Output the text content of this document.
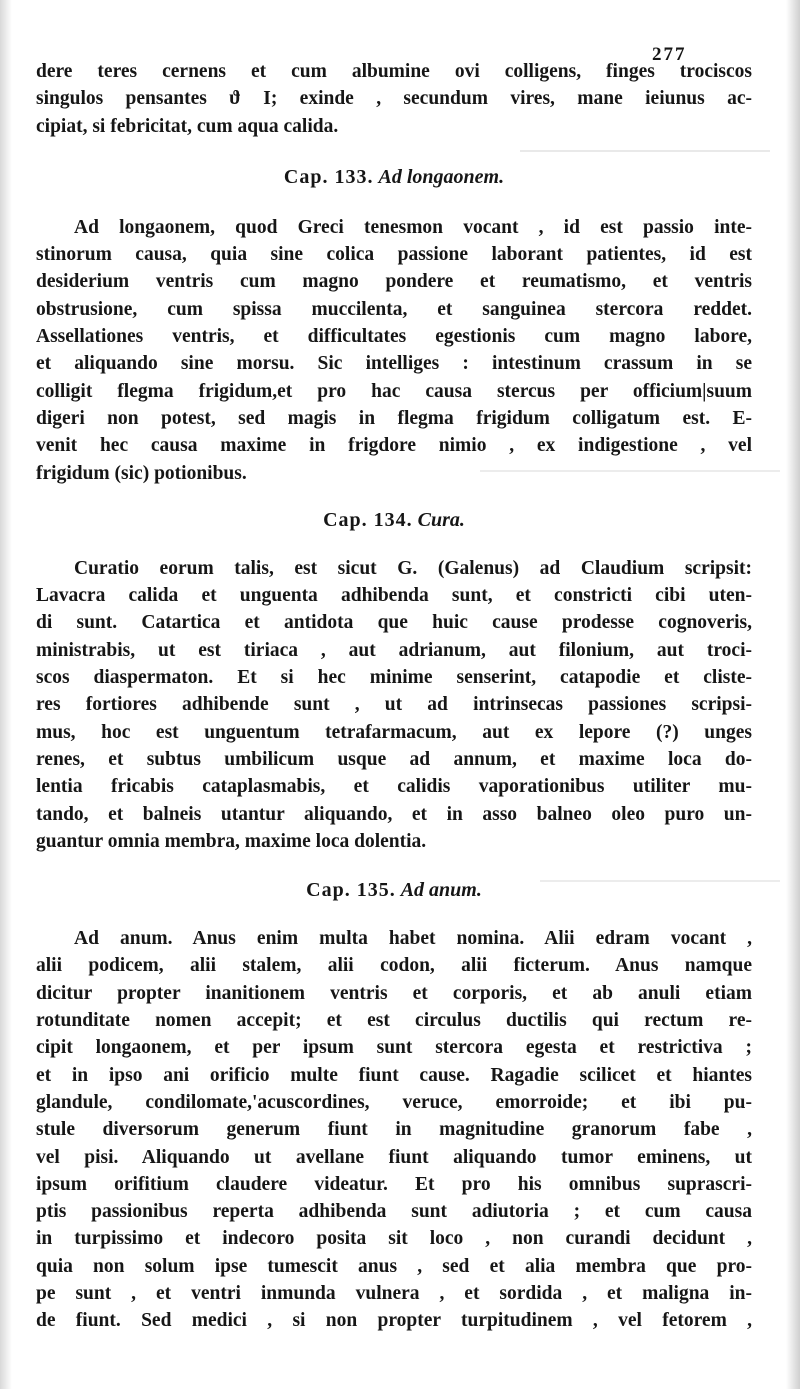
277
dere teres cernens et cum albumine ovi colligens, finges trociscos
singulos pensantes ϑ I; exinde , secundum vires, mane ieiunus ac-
cipiat, si febricitat, cum aqua calida.
Cap. 133. Ad longaonem.
Ad longaonem, quod Greci tenesmon vocant , id est passio inte-
stinorum causa, quia sine colica passione laborant patientes, id est
desiderium ventris cum magno pondere et reumatismo, et ventris
obstrusione, cum spissa muccilenta, et sanguinea stercora reddet.
Assellationes ventris, et difficultates egestionis cum magno labore,
et aliquando sine morsu. Sic intelliges : intestinum crassum in se
colligit flegma frigidum,et pro hac causa stercus per officium|suum
digeri non potest, sed magis in flegma frigidum colligatum est. E-
venit hec causa maxime in frigdore nimio , ex indigestione , vel
frigidum (sic) potionibus.
Cap. 134. Cura.
Curatio eorum talis, est sicut G. (Galenus) ad Claudium scripsit:
Lavacra calida et unguenta adhibenda sunt, et constricti cibi uten-
di sunt. Catartica et antidota que huic cause prodesse cognoveris,
ministrabis, ut est tiriaca , aut adrianum, aut filonium, aut troci-
scos diaspermaton. Et si hec minime senserint, catapodie et cliste-
res fortiores adhibende sunt , ut ad intrinsecas passiones scripsi-
mus, hoc est unguentum tetrafarmacum, aut ex lepore (?) unges
renes, et subtus umbilicum usque ad annum, et maxime loca do-
lentia fricabis cataplasmabis, et calidis vaporationibus utiliter mu-
tando, et balneis utantur aliquando, et in asso balneo oleo puro un-
guantur omnia membra, maxime loca dolentia.
Cap. 135. Ad anum.
Ad anum. Anus enim multa habet nomina. Alii edram vocant ,
alii podicem, alii stalem, alii codon, alii ficterum. Anus namque
dicitur propter inanitionem ventris et corporis, et ab anuli etiam
rotunditate nomen accepit; et est circulus ductilis qui rectum re-
cipit longaonem, et per ipsum sunt stercora egesta et restrictiva ;
et in ipso ani orificio multe fiunt cause. Ragadie scilicet et hiantes
glandule, condilomate,'acuscordines, veruce, emorroide; et ibi pu-
stule diversorum generum fiunt in magnitudine granorum fabe ,
vel pisi. Aliquando ut avellane fiunt aliquando tumor eminens, ut
ipsum orifitium claudere videatur. Et pro his omnibus suprascri-
ptis passionibus reperta adhibenda sunt adiutoria ; et cum causa
in turpissimo et indecoro posita sit loco , non curandi decidunt ,
quia non solum ipse tumescit anus , sed et alia membra que pro-
pe sunt , et ventri inmunda vulnera , et sordida , et maligna in-
de fiunt. Sed medici , si non propter turpitudinem , vel fetorem ,
